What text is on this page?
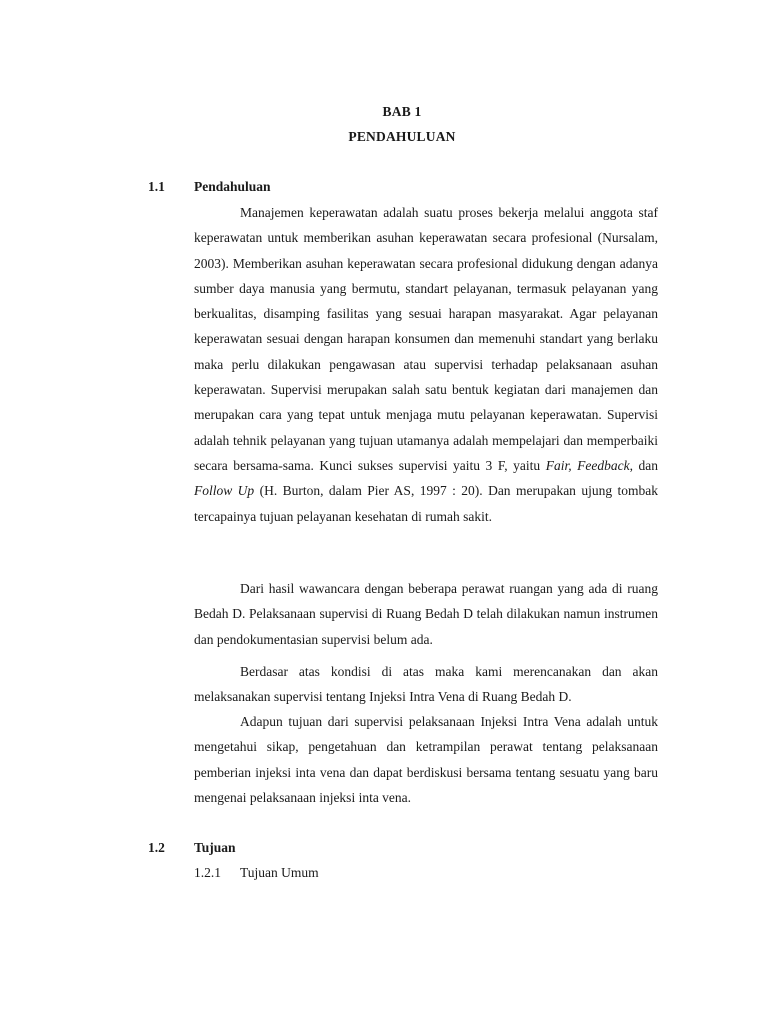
BAB 1
PENDAHULUAN
1.1 Pendahuluan

Manajemen keperawatan adalah suatu proses bekerja melalui anggota staf keperawatan untuk memberikan asuhan keperawatan secara profesional (Nursalam, 2003). Memberikan asuhan keperawatan secara profesional didukung dengan adanya sumber daya manusia yang bermutu, standart pelayanan, termasuk pelayanan yang berkualitas, disamping fasilitas yang sesuai harapan masyarakat. Agar pelayanan keperawatan sesuai dengan harapan konsumen dan memenuhi standart yang berlaku maka perlu dilakukan pengawasan atau supervisi terhadap pelaksanaan asuhan keperawatan. Supervisi merupakan salah satu bentuk kegiatan dari manajemen dan merupakan cara yang tepat untuk menjaga mutu pelayanan keperawatan. Supervisi adalah tehnik pelayanan yang tujuan utamanya adalah mempelajari dan memperbaiki secara bersama-sama. Kunci sukses supervisi yaitu 3 F, yaitu Fair, Feedback, dan Follow Up (H. Burton, dalam Pier AS, 1997 : 20). Dan merupakan ujung tombak tercapainya tujuan pelayanan kesehatan di rumah sakit.

Dari hasil wawancara dengan beberapa perawat ruangan yang ada di ruang Bedah D. Pelaksanaan supervisi di Ruang Bedah D telah dilakukan namun instrumen dan pendokumentasian supervisi belum ada.

Berdasar atas kondisi di atas maka kami merencanakan dan akan melaksanakan supervisi tentang Injeksi Intra Vena di Ruang Bedah D.

Adapun tujuan dari supervisi pelaksanaan Injeksi Intra Vena adalah untuk mengetahui sikap, pengetahuan dan ketrampilan perawat tentang pelaksanaan pemberian injeksi inta vena dan dapat berdiskusi bersama tentang sesuatu yang baru mengenai pelaksanaan injeksi inta vena.

1.2 Tujuan
1.2.1 Tujuan Umum
